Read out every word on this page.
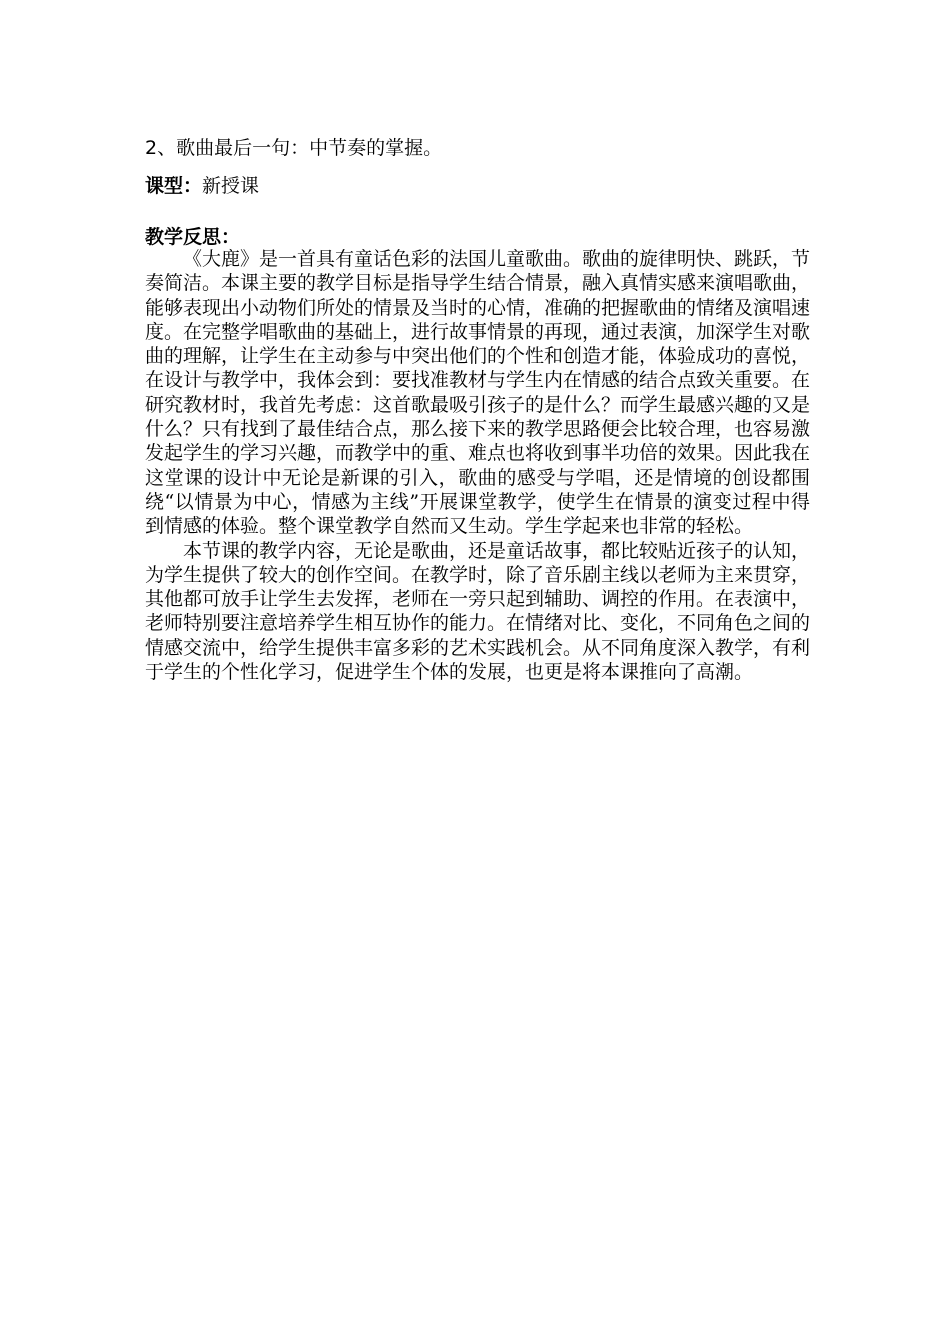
2、歌曲最后一句：中节奏的掌握。
课型：新授课
教学反思：

《大鹿》是一首具有童话色彩的法国儿童歌曲。歌曲的旋律明快、跳跃，节奏简洁。本课主要的教学目标是指导学生结合情景，融入真情实感来演唱歌曲，能够表现出小动物们所处的情景及当时的心情，准确的把握歌曲的情绪及演唱速度。在完整学唱歌曲的基础上，进行故事情景的再现，通过表演，加深学生对歌曲的理解，让学生在主动参与中突出他们的个性和创造才能，体验成功的喜悦，在设计与教学中，我体会到：要找准教材与学生内在情感的结合点致关重要。在研究教材时，我首先考虑：这首歌最吸引孩子的是什么？而学生最感兴趣的又是什么？只有找到了最佳结合点，那么接下来的教学思路便会比较合理，也容易激发起学生的学习兴趣，而教学中的重、难点也将收到事半功倍的效果。因此我在这堂课的设计中无论是新课的引入，歌曲的感受与学唱，还是情境的创设都围绕“以情景为中心，情感为主线”开展课堂教学，使学生在情景的演变过程中得到情感的体验。整个课堂教学自然而又生动。学生学起来也非常的轻松。

本节课的教学内容，无论是歌曲，还是童话故事，都比较贴近孩子的认知，为学生提供了较大的创作空间。在教学时，除了音乐剧主线以老师为主来贯穿，其他都可放手让学生去发挥，老师在一旁只起到辅助、调控的作用。在表演中，老师特别要注意培养学生相互协作的能力。在情绪对比、变化，不同角色之间的情感交流中，给学生提供丰富多彩的艺术实践机会。从不同角度深入教学，有利于学生的个性化学习，促进学生个体的发展，也更是将本课推向了高潮。
